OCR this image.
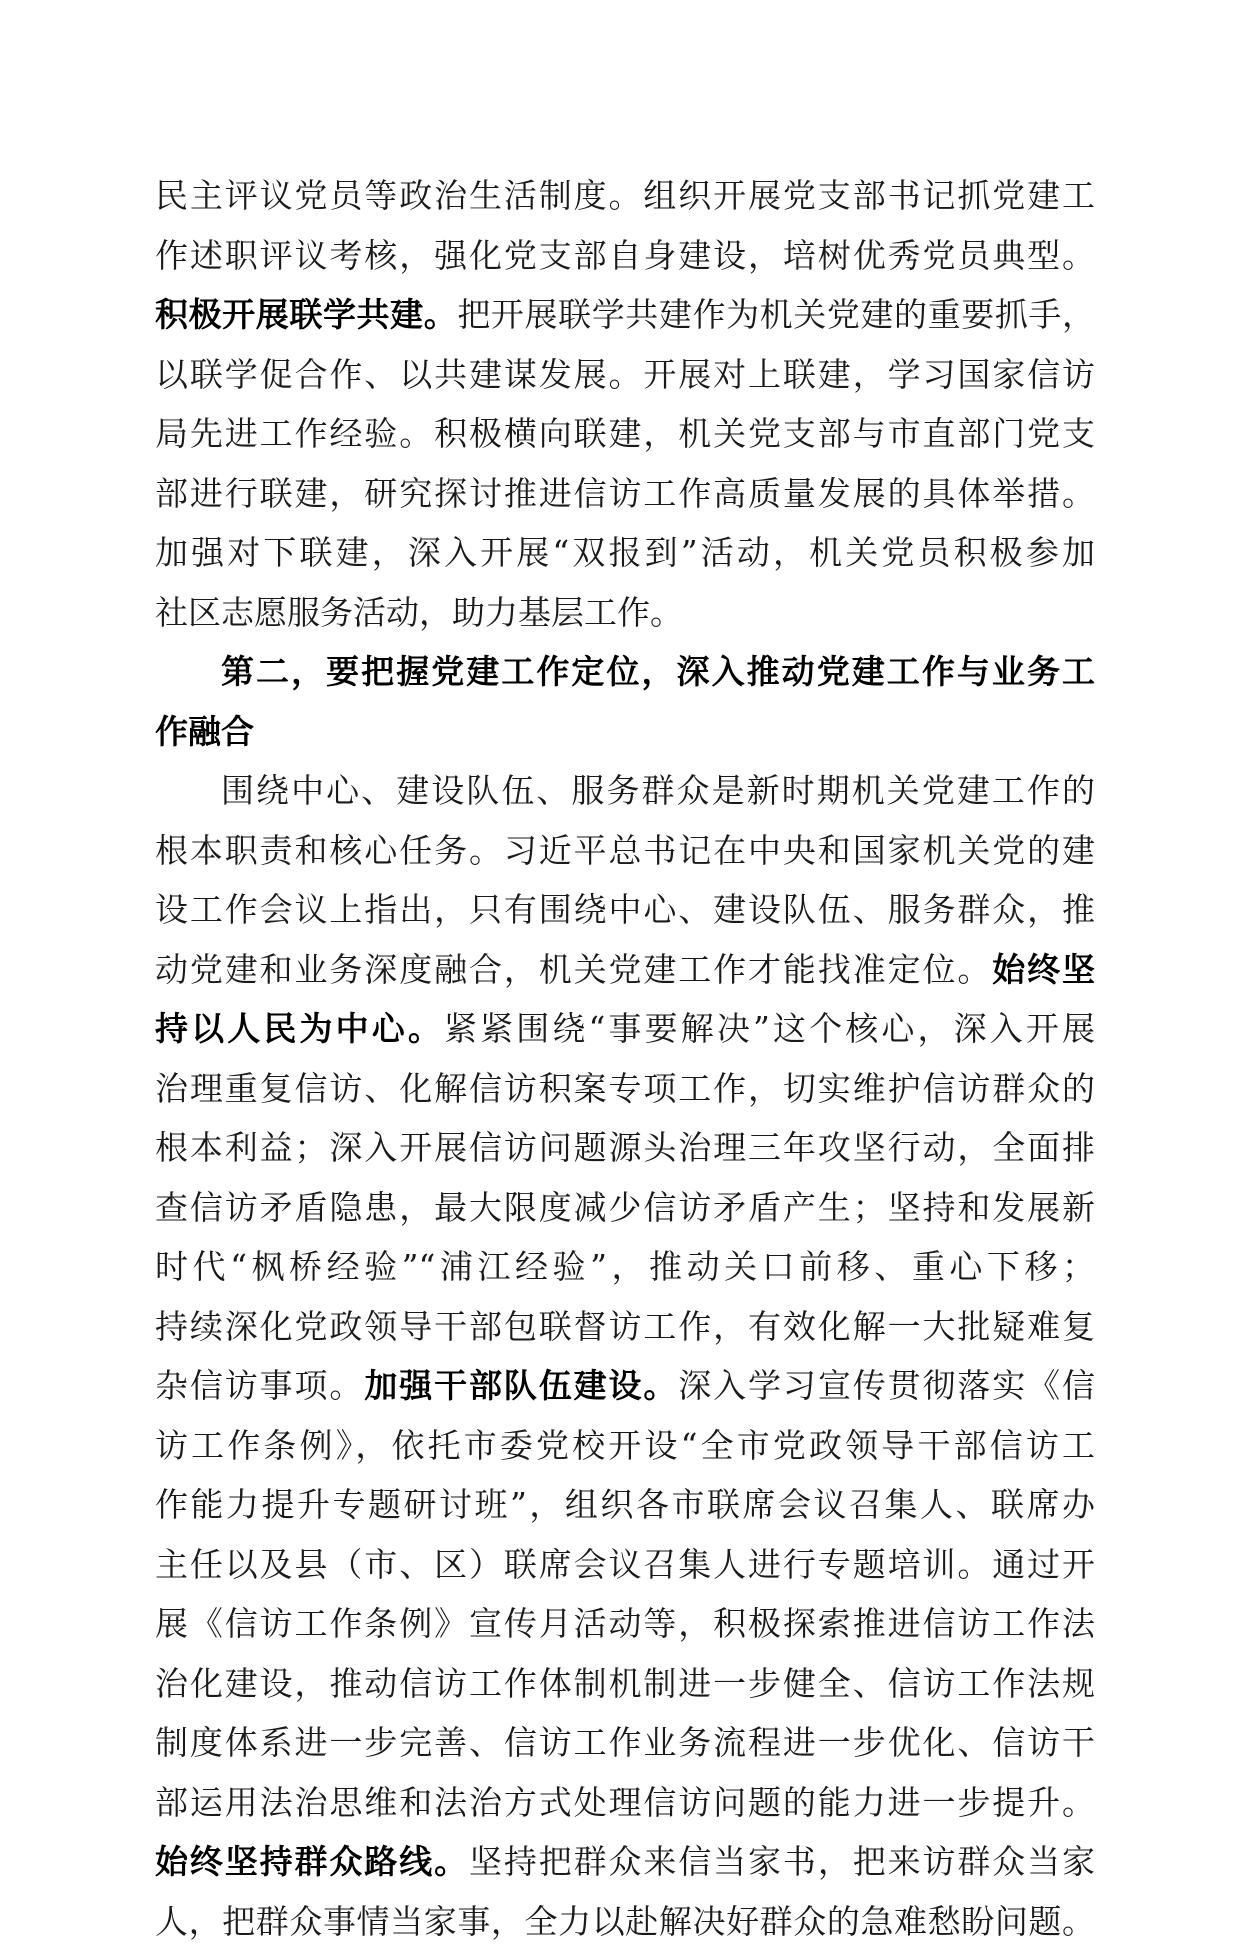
民主评议党员等政治生活制度。组织开展党支部书记抓党建工
作述职评议考核，强化党支部自身建设，培树优秀党员典型。
积极开展联学共建。把开展联学共建作为机关党建的重要抓手，
以联学促合作、以共建谋发展。开展对上联建，学习国家信访
局先进工作经验。积极横向联建，机关党支部与市直部门党支
部进行联建，研究探讨推进信访工作高质量发展的具体举措。
加强对下联建，深入开展“双报到”活动，机关党员积极参加
社区志愿服务活动，助力基层工作。
第二，要把握党建工作定位，深入推动党建工作与业务工
作融合
围绕中心、建设队伍、服务群众是新时期机关党建工作的
根本职责和核心任务。习近平总书记在中央和国家机关党的建
设工作会议上指出，只有围绕中心、建设队伍、服务群众，推
动党建和业务深度融合，机关党建工作才能找准定位。始终坚
持以人民为中心。紧紧围绕“事要解决”这个核心，深入开展
治理重复信访、化解信访积案专项工作，切实维护信访群众的
根本利益；深入开展信访问题源头治理三年攻坚行动，全面排
查信访矛盾隐患，最大限度减少信访矛盾产生；坚持和发展新
时代“枫桥经验”“浦江经验”，推动关口前移、重心下移；
持续深化党政领导干部包联督访工作，有效化解一大批疑难复
杂信访事项。加强干部队伍建设。深入学习宣传贯彻落实《信
访工作条例》，依托市委党校开设“全市党政领导干部信访工
作能力提升专题研讨班”，组织各市联席会议召集人、联席办
主任以及县（市、区）联席会议召集人进行专题培训。通过开
展《信访工作条例》宣传月活动等，积极探索推进信访工作法
治化建设，推动信访工作体制机制进一步健全、信访工作法规
制度体系进一步完善、信访工作业务流程进一步优化、信访干
部运用法治思维和法治方式处理信访问题的能力进一步提升。
始终坚持群众路线。坚持把群众来信当家书，把来访群众当家
人，把群众事情当家事，全力以赴解决好群众的急难愁盼问题。
